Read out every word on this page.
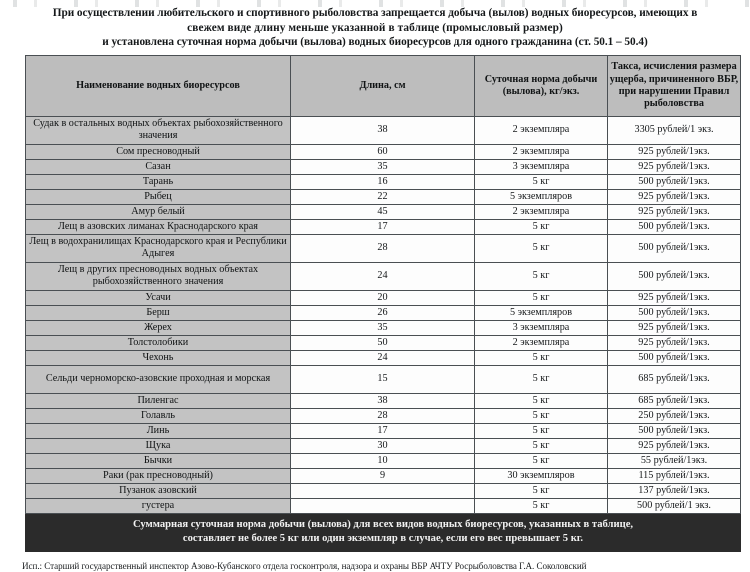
При осуществлении любительского и спортивного рыболовства запрещается добыча (вылов) водных биоресурсов, имеющих в
свежем виде длину меньше указанной в таблице (промысловый размер)
и установлена суточная норма добычи (вылова) водных биоресурсов для одного гражданина (ст. 50.1 – 50.4)
Наименование водных биоресурсов	Длина, см	Суточная норма добычи (вылова), кг/экз.	Такса, исчисления размера ущерба, причиненного ВБР, при нарушении Правил рыболовства
Судак в остальных водных объектах рыбохозяйственного значения	38	2 экземпляра	3305 рублей/1 экз.
Сом пресноводный	60	2 экземпляра	925 рублей/1экз.
Сазан	35	3 экземпляра	925 рублей/1экз.
Тарань	16	5 кг	500 рублей/1экз.
Рыбец	22	5 экземпляров	925 рублей/1экз.
Амур белый	45	2 экземпляра	925 рублей/1экз.
Лещ в азовских лиманах Краснодарского края	17	5 кг	500 рублей/1экз.
Лещ в водохранилищах Краснодарского края и Республики Адыгея	28	5 кг	500 рублей/1экз.
Лещ в других пресноводных водных объектах рыбохозяйственного значения	24	5 кг	500 рублей/1экз.
Усачи	20	5 кг	925 рублей/1экз.
Берш	26	5 экземпляров	500 рублей/1экз.
Жерех	35	3 экземпляра	925 рублей/1экз.
Толстолобики	50	2 экземпляра	925 рублей/1экз.
Чехонь	24	5 кг	500 рублей/1экз.
Сельди черноморско-азовские проходная и морская	15	5 кг	685 рублей/1экз.
Пиленгас	38	5 кг	685 рублей/1экз.
Голавль	28	5 кг	250 рублей/1экз.
Линь	17	5 кг	500 рублей/1экз.
Щука	30	5 кг	925 рублей/1экз.
Бычки	10	5 кг	55 рублей/1экз.
Раки (рак пресноводный)	9	30 экземпляров	115 рублей/1экз.
Пузанок азовский		5 кг	137 рублей/1экз.
густера		5 кг	500 рублей/1 экз.

Суммарная суточная норма добычи (вылова) для всех видов водных биоресурсов, указанных в таблице,
составляет не более 5 кг или один экземпляр в случае, если его вес превышает 5 кг.			
Исп.: Старший государственный инспектор Азово-Кубанского отдела госконтроля, надзора и охраны ВБР АЧТУ Росрыболовства Г.А. Соколовский
